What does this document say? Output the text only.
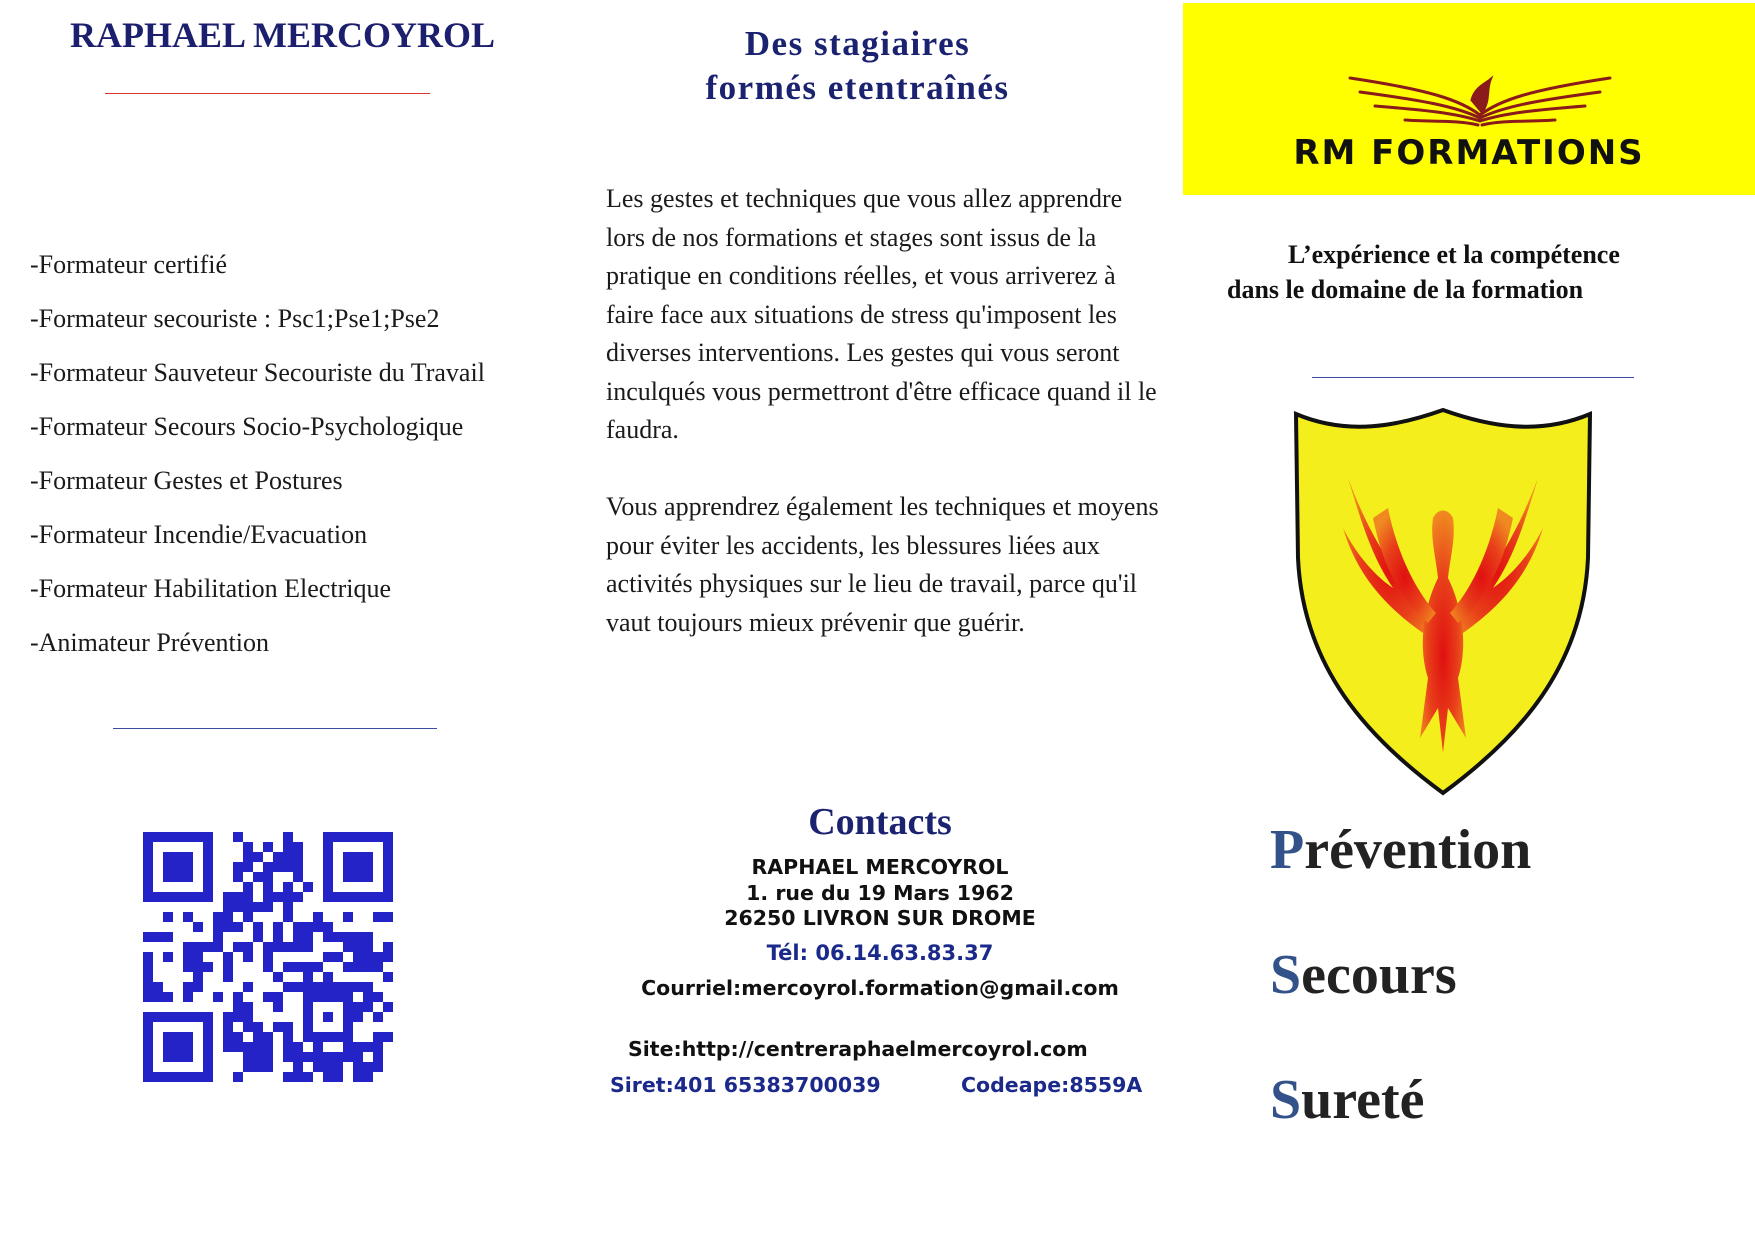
RAPHAEL MERCOYROL
-Formateur certifié
-Formateur secouriste : Psc1;Pse1;Pse2
-Formateur Sauveteur Secouriste du Travail
-Formateur Secours Socio-Psychologique
-Formateur Gestes et Postures
-Formateur Incendie/Evacuation
-Formateur Habilitation Electrique
-Animateur Prévention
Des stagiaires
formés etentraînés

Les gestes et techniques que vous allez apprendre lors de nos formations et stages sont issus de la pratique en conditions réelles, et vous arriverez à faire face aux situations de stress qu'imposent les diverses interventions. Les gestes qui vous seront inculqués vous permettront d'être efficace quand il le faudra.

Vous apprendrez également les techniques et moyens pour éviter les accidents, les blessures liées aux activités physiques sur le lieu de travail, parce qu'il vaut toujours mieux prévenir que guérir.

Contacts
RAPHAEL MERCOYROL
1. rue du 19 Mars 1962
26250 LIVRON SUR DROME
Tél: 06.14.63.83.37
Courriel:mercoyrol.formation@gmail.com
Site:http://centreraphaelmercoyrol.com
Siret:401 65383700039	Codeape:8559A
RM FORMATIONS
L’expérience et la compétence
dans le domaine de la formation
Prévention
Secours
Sureté
